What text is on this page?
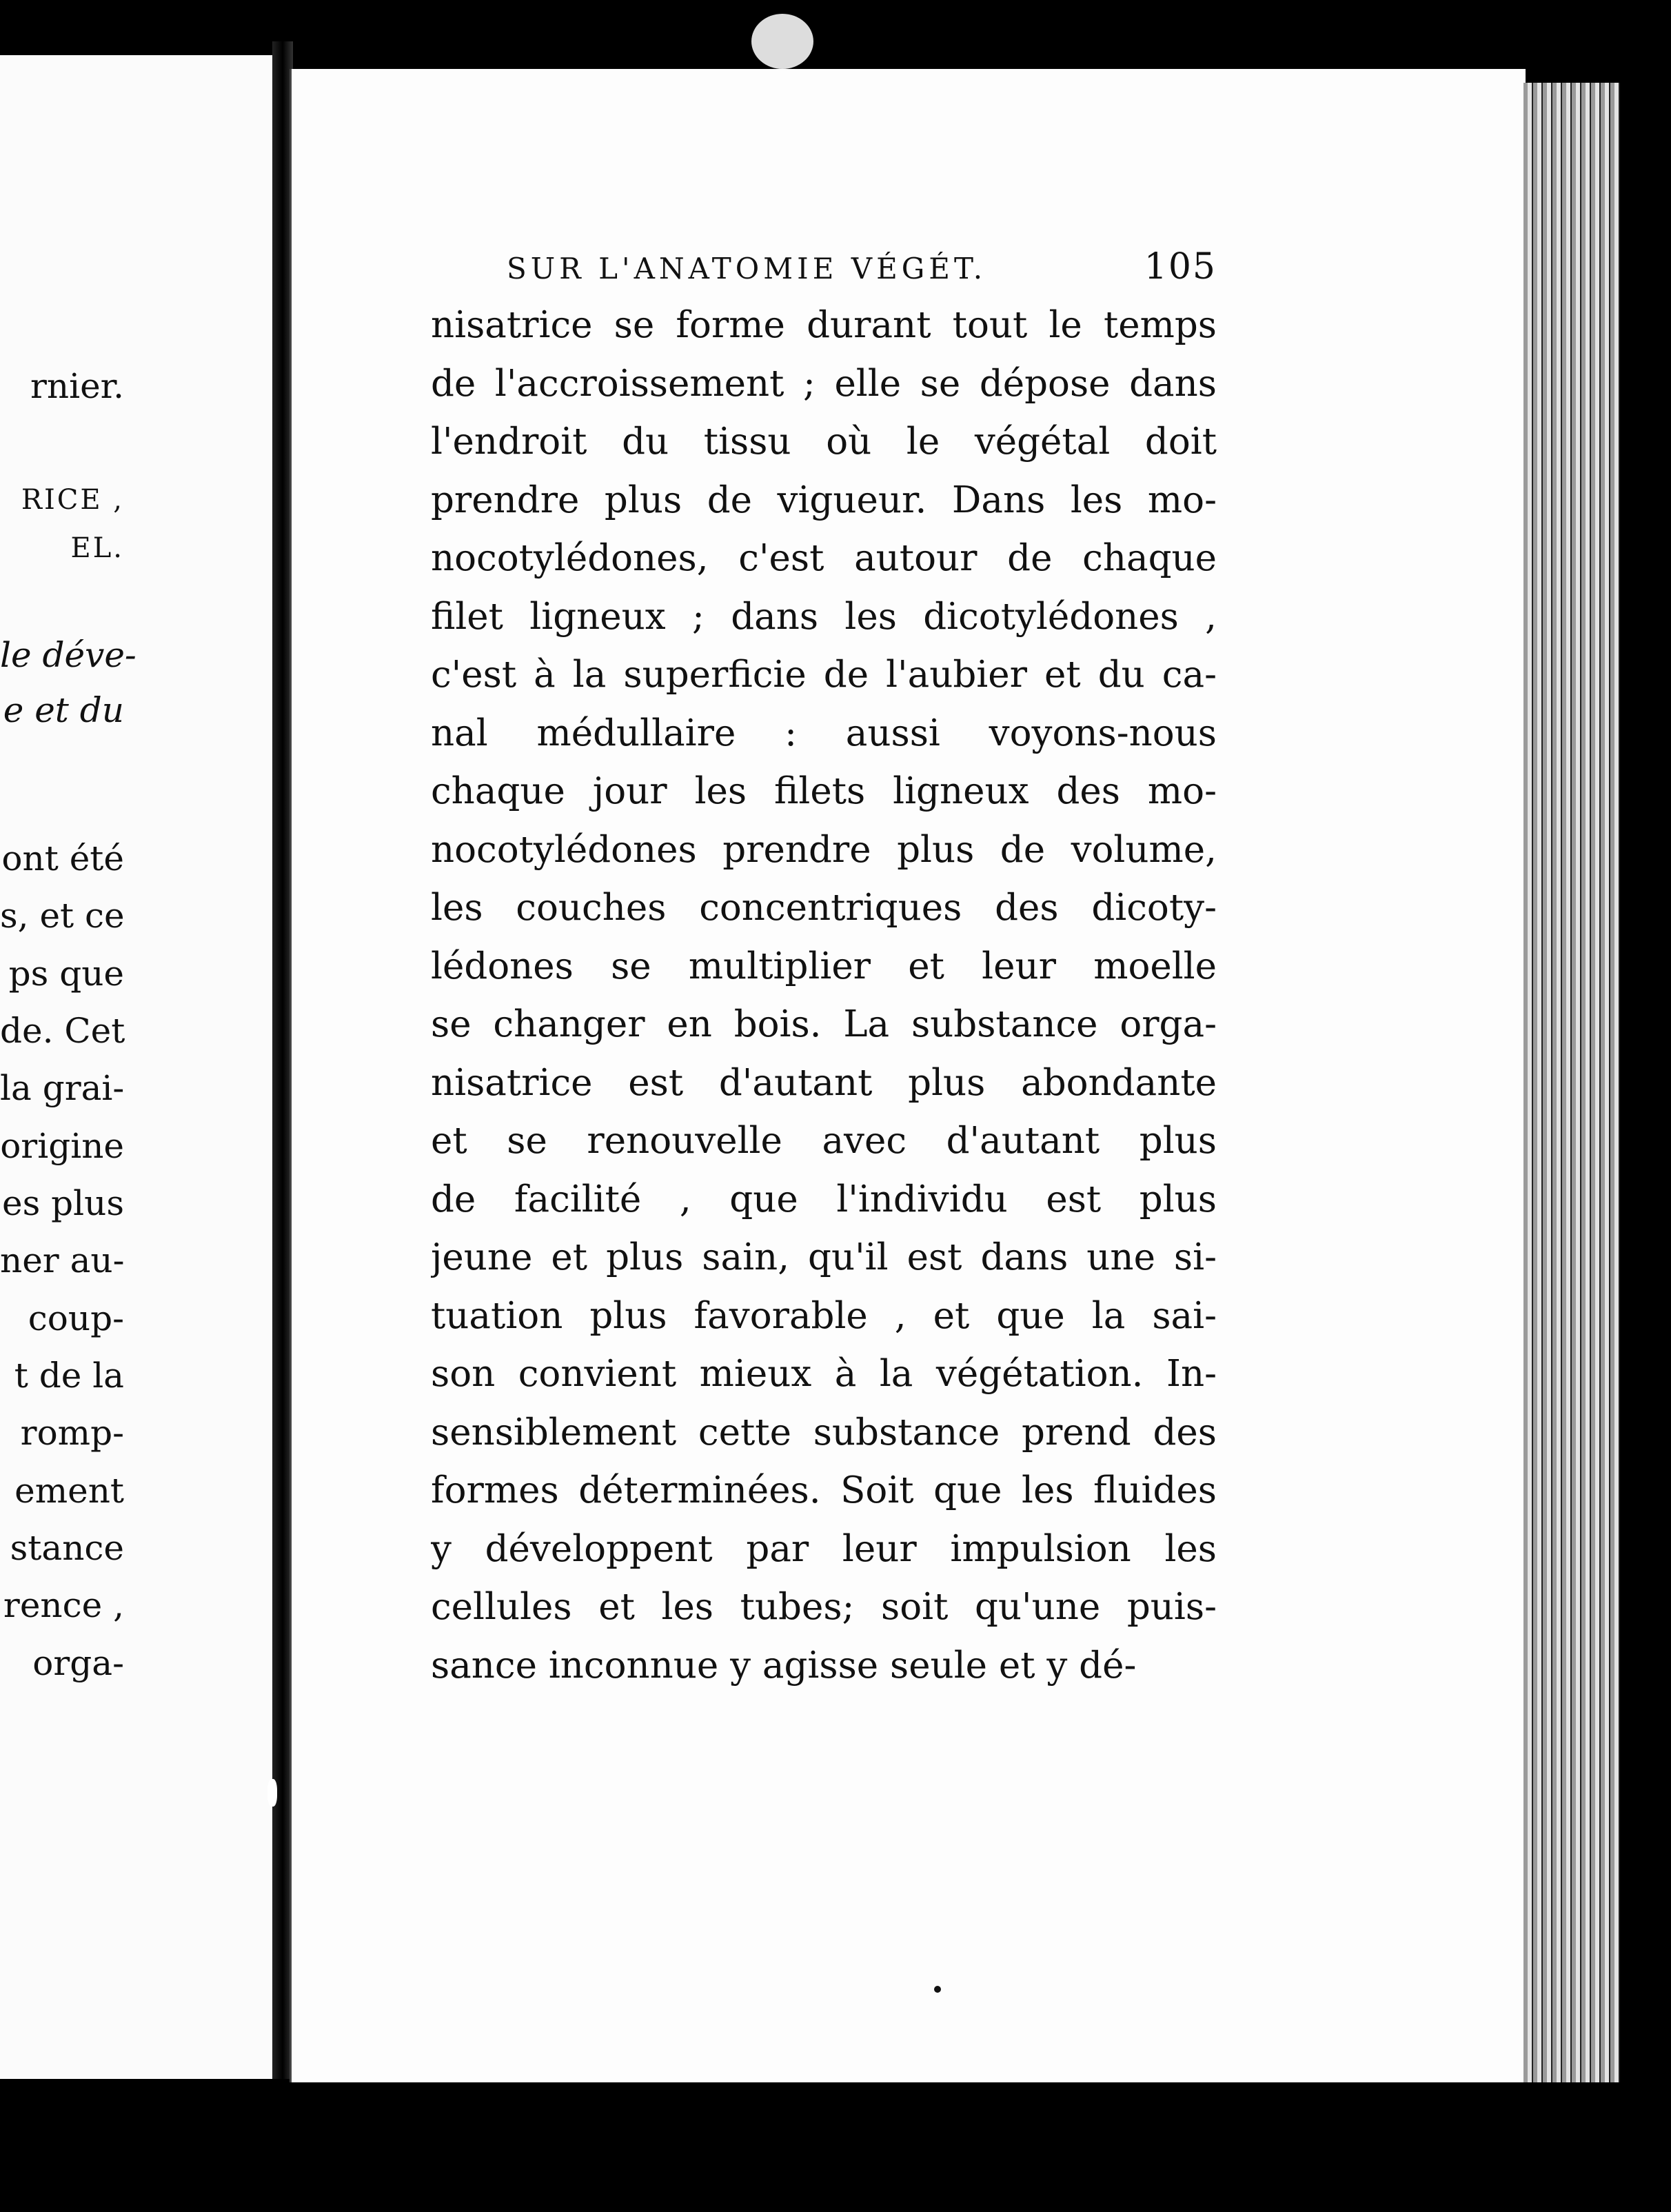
rnier.
RICE ,
EL.
le déve-
e et du
ont été
s, et ce
ps que
de. Cet
la grai-
origine
es plus
ner au-
coup-
t de la
romp-
ement
stance
rence ,
orga-
SUR L'ANATOMIE VÉGÉT.	105
nisatrice se forme durant tout le temps
de l'accroissement ; elle se dépose dans
l'endroit du tissu où le végétal doit
prendre plus de vigueur. Dans les mo-
nocotylédones, c'est autour de chaque
filet ligneux ; dans les dicotylédones ,
c'est à la superficie de l'aubier et du ca-
nal médullaire : aussi voyons-nous
chaque jour les filets ligneux des mo-
nocotylédones prendre plus de volume,
les couches concentriques des dicoty-
lédones se multiplier et leur moelle
se changer en bois. La substance orga-
nisatrice est d'autant plus abondante
et se renouvelle avec d'autant plus
de facilité , que l'individu est plus
jeune et plus sain, qu'il est dans une si-
tuation plus favorable , et que la sai-
son convient mieux à la végétation. In-
sensiblement cette substance prend des
formes déterminées. Soit que les fluides
y développent par leur impulsion les
cellules et les tubes; soit qu'une puis-
sance inconnue y agisse seule et y dé-
